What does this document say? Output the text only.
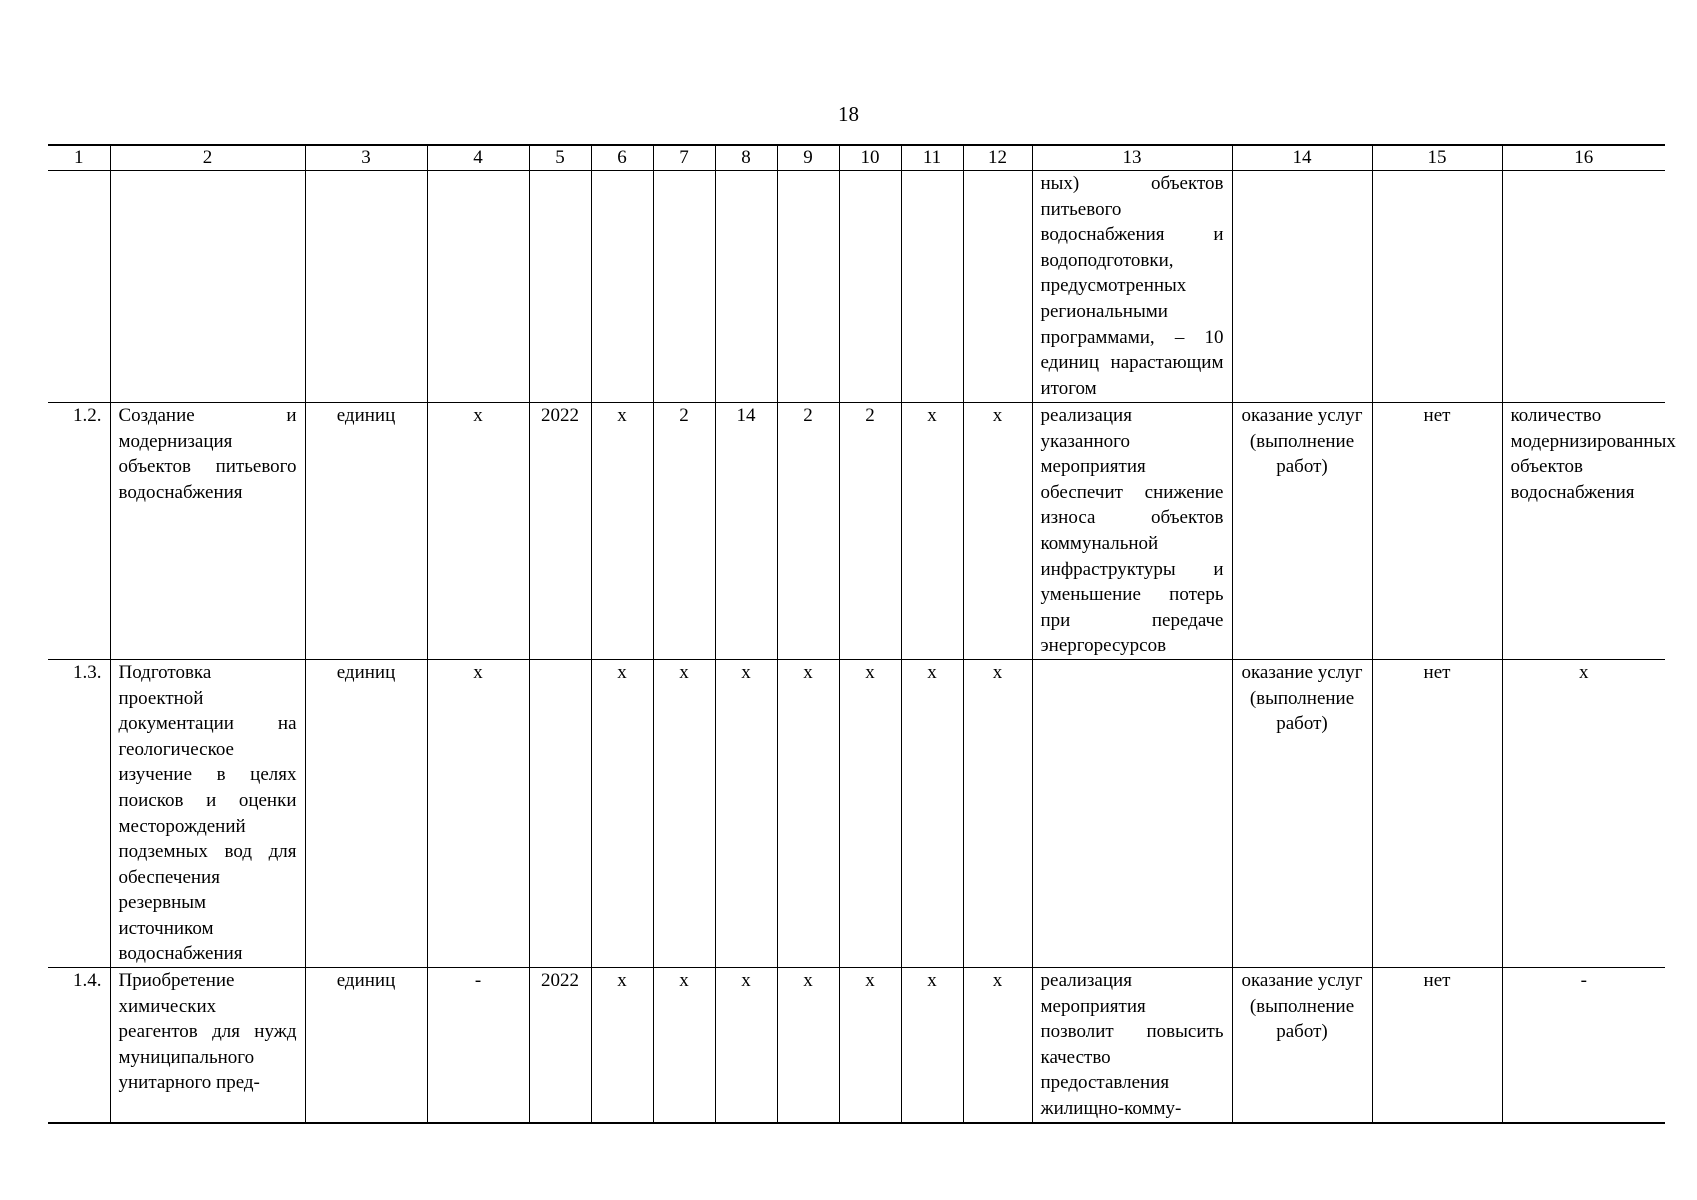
18
1	2	3	4	5	6	7	8	9	10	11	12	13	14	15	16
												ных) объектов питьевого водоснабжения и водоподготовки, предусмотренных региональными программами, – 10 единиц нарастающим итогом			
1.2.	Создание и модернизация объектов питьевого водоснабжения	единиц	x	2022	x	2	14	2	2	x	x	реализация указанного мероприятия обеспечит снижение износа объектов коммунальной инфраструктуры и уменьшение потерь при передаче энергоресурсов	оказание услуг (выполнение работ)	нет	количество модернизированных объектов водоснабжения
1.3.	Подготовка проектной документации на геологическое изучение в целях поисков и оценки месторождений подземных вод для обеспечения резервным источником водоснабжения	единиц	x		x	x	x	x	x	x	x		оказание услуг (выполнение работ)	нет	x
1.4.	Приобретение химических реагентов для нужд муниципального унитарного пред-	единиц	-	2022	x	x	x	x	x	x	x	реализация мероприятия позволит повысить качество предоставления жилищно-комму-	оказание услуг (выполнение работ)	нет	-
